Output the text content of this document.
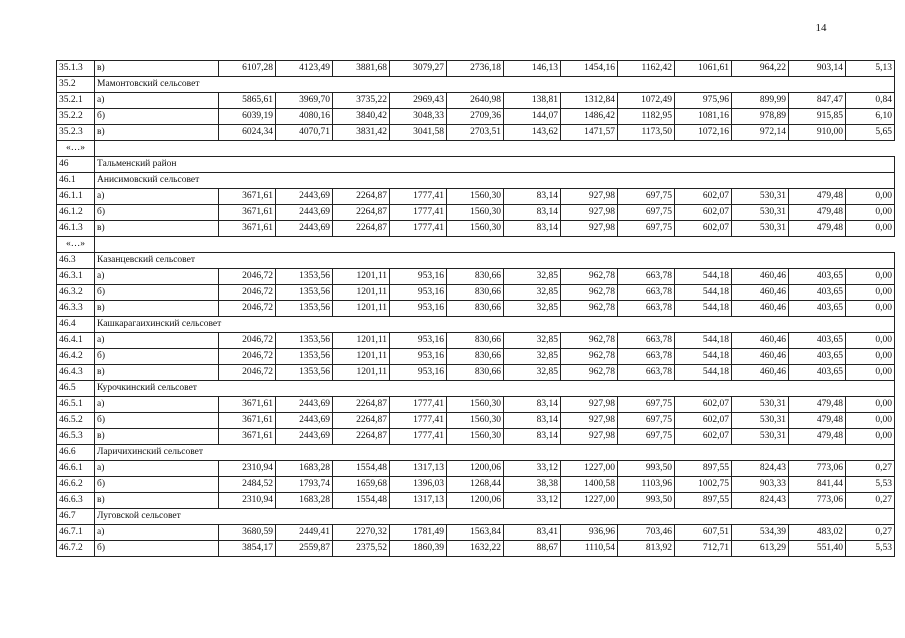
14
35.1.3	в)	6107,28	4123,49	3881,68	3079,27	2736,18	146,13	1454,16	1162,42	1061,61	964,22	903,14	5,13
35.2	Мамонтовский сельсовет												
35.2.1	а)	5865,61	3969,70	3735,22	2969,43	2640,98	138,81	1312,84	1072,49	975,96	899,99	847,47	0,84
35.2.2	б)	6039,19	4080,16	3840,42	3048,33	2709,36	144,07	1486,42	1182,95	1081,16	978,89	915,85	6,10
35.2.3	в)	6024,34	4070,71	3831,42	3041,58	2703,51	143,62	1471,57	1173,50	1072,16	972,14	910,00	5,65
«…»													
46	Тальменский район												
46.1	Анисимовский сельсовет												
46.1.1	а)	3671,61	2443,69	2264,87	1777,41	1560,30	83,14	927,98	697,75	602,07	530,31	479,48	0,00
46.1.2	б)	3671,61	2443,69	2264,87	1777,41	1560,30	83,14	927,98	697,75	602,07	530,31	479,48	0,00
46.1.3	в)	3671,61	2443,69	2264,87	1777,41	1560,30	83,14	927,98	697,75	602,07	530,31	479,48	0,00
«…»													
46.3	Казанцевский сельсовет												
46.3.1	а)	2046,72	1353,56	1201,11	953,16	830,66	32,85	962,78	663,78	544,18	460,46	403,65	0,00
46.3.2	б)	2046,72	1353,56	1201,11	953,16	830,66	32,85	962,78	663,78	544,18	460,46	403,65	0,00
46.3.3	в)	2046,72	1353,56	1201,11	953,16	830,66	32,85	962,78	663,78	544,18	460,46	403,65	0,00
46.4	Кашкарагаихинский сельсовет												
46.4.1	а)	2046,72	1353,56	1201,11	953,16	830,66	32,85	962,78	663,78	544,18	460,46	403,65	0,00
46.4.2	б)	2046,72	1353,56	1201,11	953,16	830,66	32,85	962,78	663,78	544,18	460,46	403,65	0,00
46.4.3	в)	2046,72	1353,56	1201,11	953,16	830,66	32,85	962,78	663,78	544,18	460,46	403,65	0,00
46.5	Курочкинский сельсовет												
46.5.1	а)	3671,61	2443,69	2264,87	1777,41	1560,30	83,14	927,98	697,75	602,07	530,31	479,48	0,00
46.5.2	б)	3671,61	2443,69	2264,87	1777,41	1560,30	83,14	927,98	697,75	602,07	530,31	479,48	0,00
46.5.3	в)	3671,61	2443,69	2264,87	1777,41	1560,30	83,14	927,98	697,75	602,07	530,31	479,48	0,00
46.6	Ларичихинский сельсовет												
46.6.1	а)	2310,94	1683,28	1554,48	1317,13	1200,06	33,12	1227,00	993,50	897,55	824,43	773,06	0,27
46.6.2	б)	2484,52	1793,74	1659,68	1396,03	1268,44	38,38	1400,58	1103,96	1002,75	903,33	841,44	5,53
46.6.3	в)	2310,94	1683,28	1554,48	1317,13	1200,06	33,12	1227,00	993,50	897,55	824,43	773,06	0,27
46.7	Луговской сельсовет												
46.7.1	а)	3680,59	2449,41	2270,32	1781,49	1563,84	83,41	936,96	703,46	607,51	534,39	483,02	0,27
46.7.2	б)	3854,17	2559,87	2375,52	1860,39	1632,22	88,67	1110,54	813,92	712,71	613,29	551,40	5,53
